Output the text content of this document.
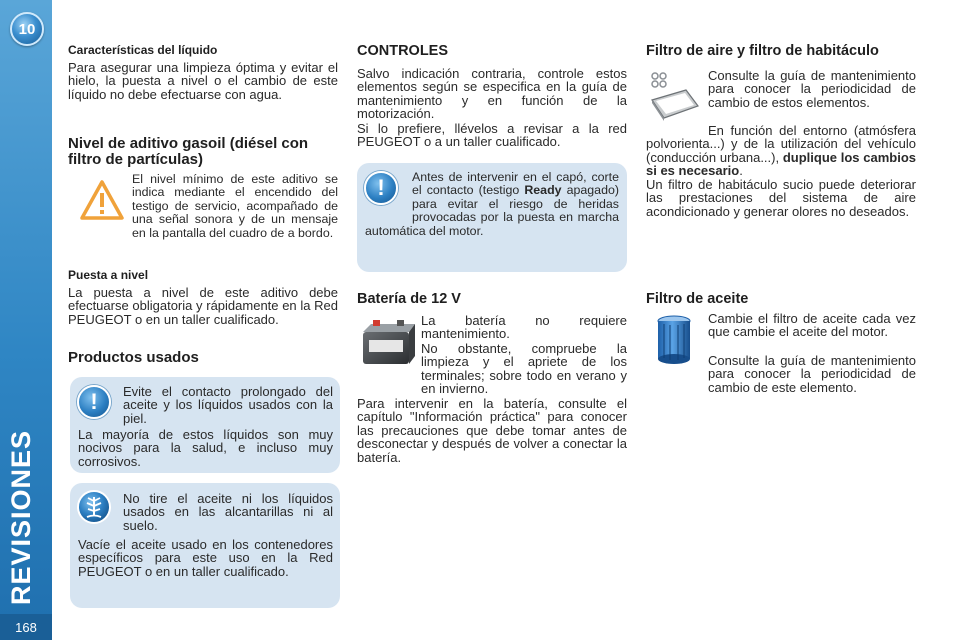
10
REVISIONES
168
Características del líquido
Para asegurar una limpieza óptima y evitar el hielo, la puesta a nivel o el cambio de este líquido no debe efectuarse con agua.
Nivel de aditivo gasoil (diésel con filtro de partículas)
El nivel mínimo de este aditivo se indica mediante el encendido del testigo de servicio, acompañado de una señal sonora y de un mensaje en la pantalla del cuadro de a bordo.
Puesta a nivel
La puesta a nivel de este aditivo debe efectuarse obligatoria y rápidamente en la Red PEUGEOT o en un taller cualificado.
Productos usados
!	Evite el contacto prolongado del aceite y los líquidos usados con la piel.
La mayoría de estos líquidos son muy nocivos para la salud, e incluso muy corrosivos.
No tire el aceite ni los líquidos usados en las alcantarillas ni al suelo.
Vacíe el aceite usado en los contenedores específicos para este uso en la Red PEUGEOT o en un taller cualificado.
CONTROLES
Salvo indicación contraria, controle estos elementos según se especifica en la guía de mantenimiento y en función de la motorización.
Si lo prefiere, llévelos a revisar a la red PEUGEOT o a un taller cualificado.
!	Antes de intervenir en el capó, corte el contacto (testigo Ready apagado) para evitar el riesgo de heridas provocadas por la puesta en marcha automática del motor.
Batería de 12 V
La batería no requiere mantenimiento.
No obstante, compruebe la limpieza y el apriete de los terminales; sobre todo en verano y en invierno.
Para intervenir en la batería, consulte el capítulo "Información práctica" para conocer las precauciones que debe tomar antes de desconectar y después de volver a conectar la batería.
Filtro de aire y filtro de habitáculo
Consulte la guía de mantenimiento para conocer la periodicidad de cambio de estos elementos.
En función del entorno (atmósfera polvorienta...) y de la utilización del vehículo (conducción urbana...), duplique los cambios si es necesario.
Un filtro de habitáculo sucio puede deteriorar las prestaciones del sistema de aire acondicionado y generar olores no deseados.
Filtro de aceite
Cambie el filtro de aceite cada vez que cambie el aceite del motor.
Consulte la guía de mantenimiento para conocer la periodicidad de cambio de este elemento.
